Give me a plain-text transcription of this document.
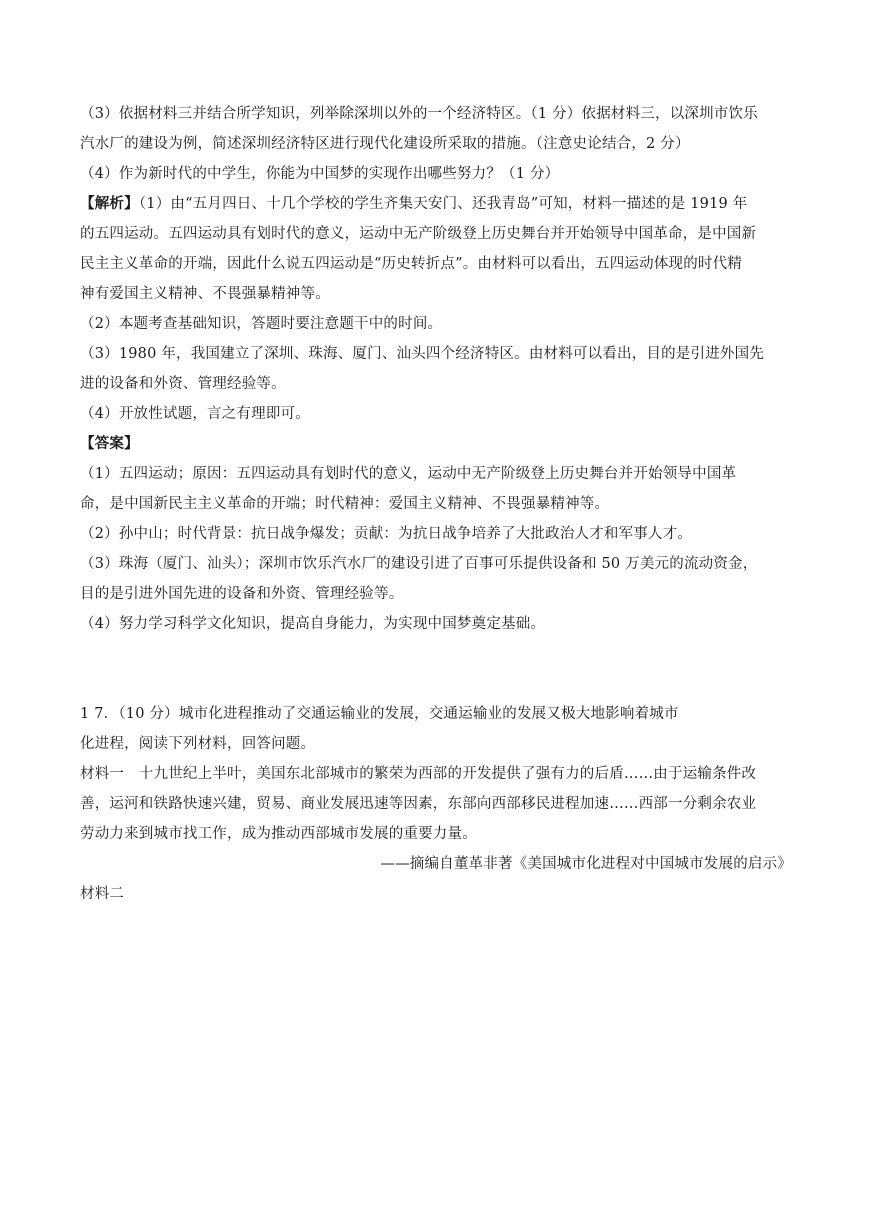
（3）依据材料三并结合所学知识，列举除深圳以外的一个经济特区。（1 分）依据材料三，以深圳市饮乐
汽水厂的建设为例，简述深圳经济特区进行现代化建设所采取的措施。（注意史论结合，2 分）
（4）作为新时代的中学生，你能为中国梦的实现作出哪些努力？（1 分）
【解析】（1）由“五月四日、十几个学校的学生齐集天安门、还我青岛”可知，材料一描述的是 1919 年
的五四运动。五四运动具有划时代的意义，运动中无产阶级登上历史舞台并开始领导中国革命，是中国新
民主主义革命的开端，因此什么说五四运动是“历史转折点”。由材料可以看出，五四运动体现的时代精
神有爱国主义精神、不畏强暴精神等。
（2）本题考查基础知识，答题时要注意题干中的时间。
（3）1980 年，我国建立了深圳、珠海、厦门、汕头四个经济特区。由材料可以看出，目的是引进外国先
进的设备和外资、管理经验等。
（4）开放性试题，言之有理即可。
【答案】
（1）五四运动；原因：五四运动具有划时代的意义，运动中无产阶级登上历史舞台并开始领导中国革
命，是中国新民主主义革命的开端；时代精神：爱国主义精神、不畏强暴精神等。
（2）孙中山；时代背景：抗日战争爆发；贡献：为抗日战争培养了大批政治人才和军事人才。
（3）珠海（厦门、汕头）；深圳市饮乐汽水厂的建设引进了百事可乐提供设备和 50 万美元的流动资金，
目的是引进外国先进的设备和外资、管理经验等。
（4）努力学习科学文化知识，提高自身能力，为实现中国梦奠定基础。
1 7．（10 分）城市化进程推动了交通运输业的发展，交通运输业的发展又极大地影响着城市
化进程，阅读下列材料，回答问题。
材料一　十九世纪上半叶，美国东北部城市的繁荣为西部的开发提供了强有力的后盾……由于运输条件改
善，运河和铁路快速兴建，贸易、商业发展迅速等因素，东部向西部移民进程加速……西部一分剩余农业
劳动力来到城市找工作，成为推动西部城市发展的重要力量。
——摘编自董革非著《美国城市化进程对中国城市发展的启示》
材料二
